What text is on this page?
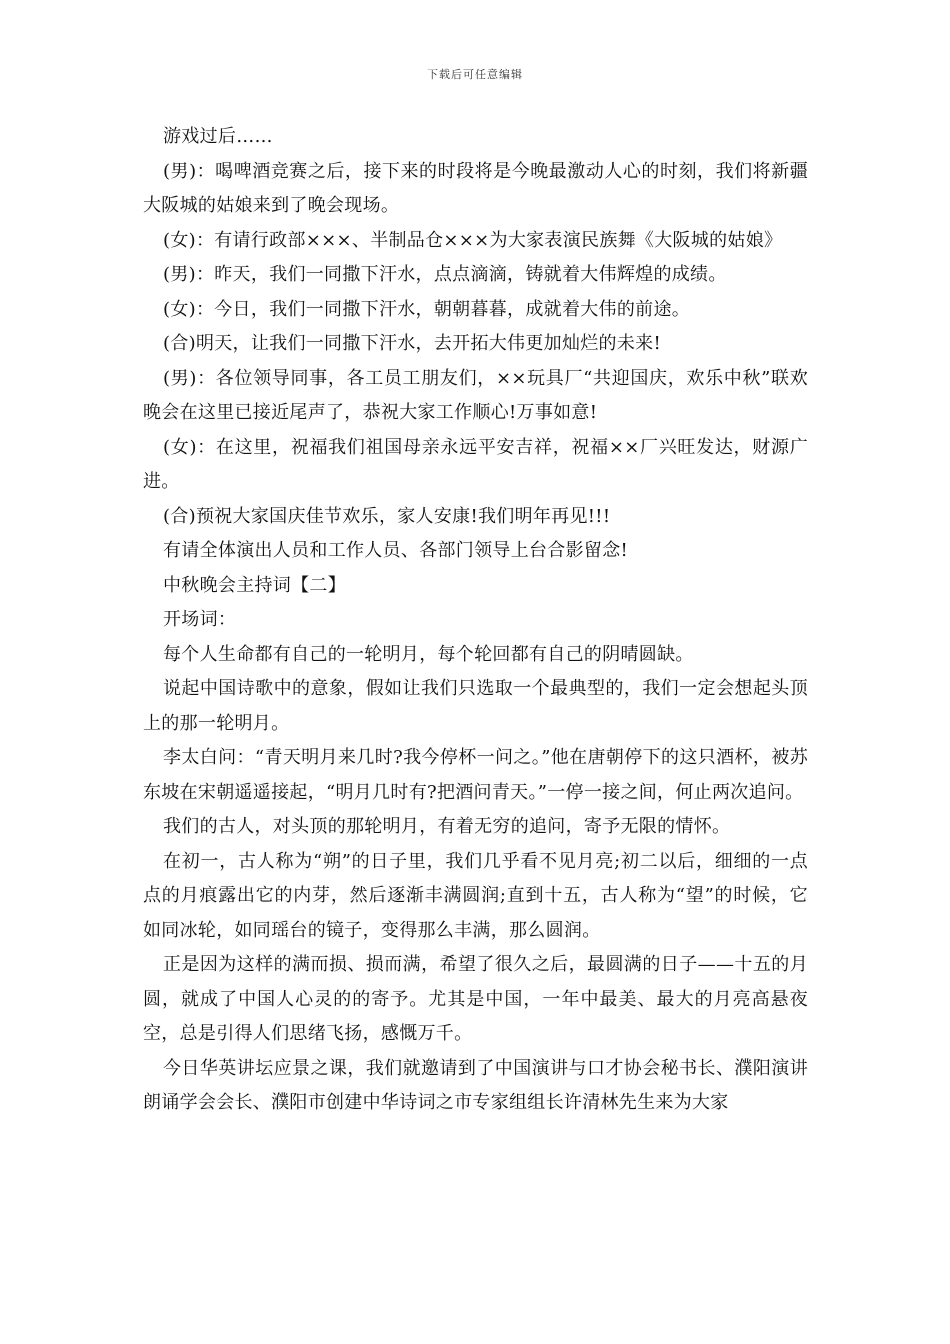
下载后可任意编辑

游戏过后……

(男)：喝啤酒竞赛之后，接下来的时段将是今晚最激动人心的时刻，我们将新疆大阪城的姑娘来到了晚会现场。

(女)：有请行政部×××、半制品仓×××为大家表演民族舞《大阪城的姑娘》

(男)：昨天，我们一同撒下汗水，点点滴滴，铸就着大伟辉煌的成绩。

(女)：今日，我们一同撒下汗水，朝朝暮暮，成就着大伟的前途。

(合)明天，让我们一同撒下汗水，去开拓大伟更加灿烂的未来!

(男)：各位领导同事，各工员工朋友们，××玩具厂“共迎国庆，欢乐中秋”联欢晚会在这里已接近尾声了，恭祝大家工作顺心!万事如意!

(女)：在这里，祝福我们祖国母亲永远平安吉祥，祝福××厂兴旺发达，财源广进。

(合)预祝大家国庆佳节欢乐，家人安康!我们明年再见!!!

有请全体演出人员和工作人员、各部门领导上台合影留念!

中秋晚会主持词【二】

开场词：

每个人生命都有自己的一轮明月，每个轮回都有自己的阴晴圆缺。

说起中国诗歌中的意象，假如让我们只选取一个最典型的，我们一定会想起头顶上的那一轮明月。

李太白问：“青天明月来几时?我今停杯一问之。”他在唐朝停下的这只酒杯，被苏东坡在宋朝遥遥接起，“明月几时有?把酒问青天。”一停一接之间，何止两次追问。

我们的古人，对头顶的那轮明月，有着无穷的追问，寄予无限的情怀。

在初一，古人称为“朔”的日子里，我们几乎看不见月亮;初二以后，细细的一点点的月痕露出它的内芽，然后逐渐丰满圆润;直到十五，古人称为“望”的时候，它如同冰轮，如同瑶台的镜子，变得那么丰满，那么圆润。

正是因为这样的满而损、损而满，希望了很久之后，最圆满的日子——十五的月圆，就成了中国人心灵的的寄予。尤其是中国，一年中最美、最大的月亮高悬夜空，总是引得人们思绪飞扬，感慨万千。

今日华英讲坛应景之课，我们就邀请到了中国演讲与口才协会秘书长、濮阳演讲朗诵学会会长、濮阳市创建中华诗词之市专家组组长许清林先生来为大家
